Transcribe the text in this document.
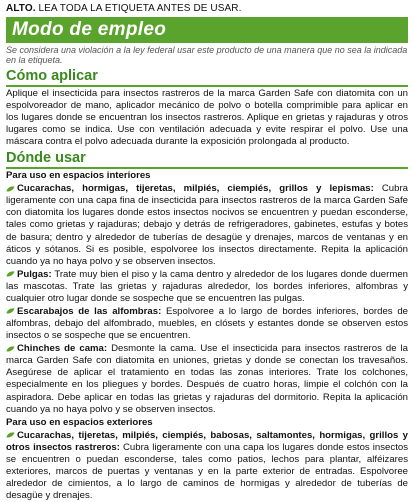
ALTO. LEA TODA LA ETIQUETA ANTES DE USAR.
Modo de empleo
Se considera una violación a la ley federal usar este producto de una manera que no sea la indicada en la etiqueta.
Cómo aplicar

Aplique el insecticida para insectos rastreros de la marca Garden Safe con diatomita con un espolvoreador de mano, aplicador mecánico de polvo o botella comprimible para aplicar en los lugares donde se encuentran los insectos rastreros. Aplique en grietas y rajaduras y otros lugares como se indica. Use con ventilación adecuada y evite respirar el polvo. Use una máscara contra el polvo adecuada durante la exposición prolongada al producto.

Dónde usar
Para uso en espacios interiores

Cucarachas, hormigas, tijeretas, milpiés, ciempiés, grillos y lepismas: Cubra ligeramente con una capa fina de insecticida para insectos rastreros de la marca Garden Safe con diatomita los lugares donde estos insectos nocivos se encuentren y puedan esconderse, tales como grietas y rajaduras; debajo y detrás de refrigeradores, gabinetes, estufas y botes de basura; dentro y alrededor de tuberías de desagüe y drenajes, marcos de ventanas y en áticos y sótanos. Si es posible, espolvoree los insectos directamente. Repita la aplicación cuando ya no haya polvo y se observen insectos.

Pulgas: Trate muy bien el piso y la cama dentro y alrededor de los lugares donde duermen las mascotas. Trate las grietas y rajaduras alrededor, los bordes inferiores, alfombras y cualquier otro lugar donde se sospeche que se encuentren las pulgas.

Escarabajos de las alfombras: Espolvoree a lo largo de bordes inferiores, bordes de alfombras, debajo del alfombrado, muebles, en clósets y estantes donde se observen estos insectos o se sospeche que se encuentren.

Chinches de cama: Desmonte la cama. Use el insecticida para insectos rastreros de la marca Garden Safe con diatomita en uniones, grietas y donde se conectan los travesaños. Asegúrese de aplicar el tratamiento en todas las zonas interiores. Trate los colchones, especialmente en los pliegues y bordes. Después de cuatro horas, limpie el colchón con la aspiradora. Debe aplicar en todas las grietas y rajaduras del dormitorio. Repita la aplicación cuando ya no haya polvo y se observen insectos.

Para uso en espacios exteriores

Cucarachas, tijeretas, milpiés, ciempiés, babosas, saltamontes, hormigas, grillos y otros insectos rastreros: Cubra ligeramente con una capa los lugares donde estos insectos se encuentren o puedan esconderse, tales como patios, lechos para plantar, alféizares exteriores, marcos de puertas y ventanas y en la parte exterior de entradas. Espolvoree alrededor de cimientos, a lo largo de caminos de hormigas y alrededor de tuberías de desagüe y drenajes.
